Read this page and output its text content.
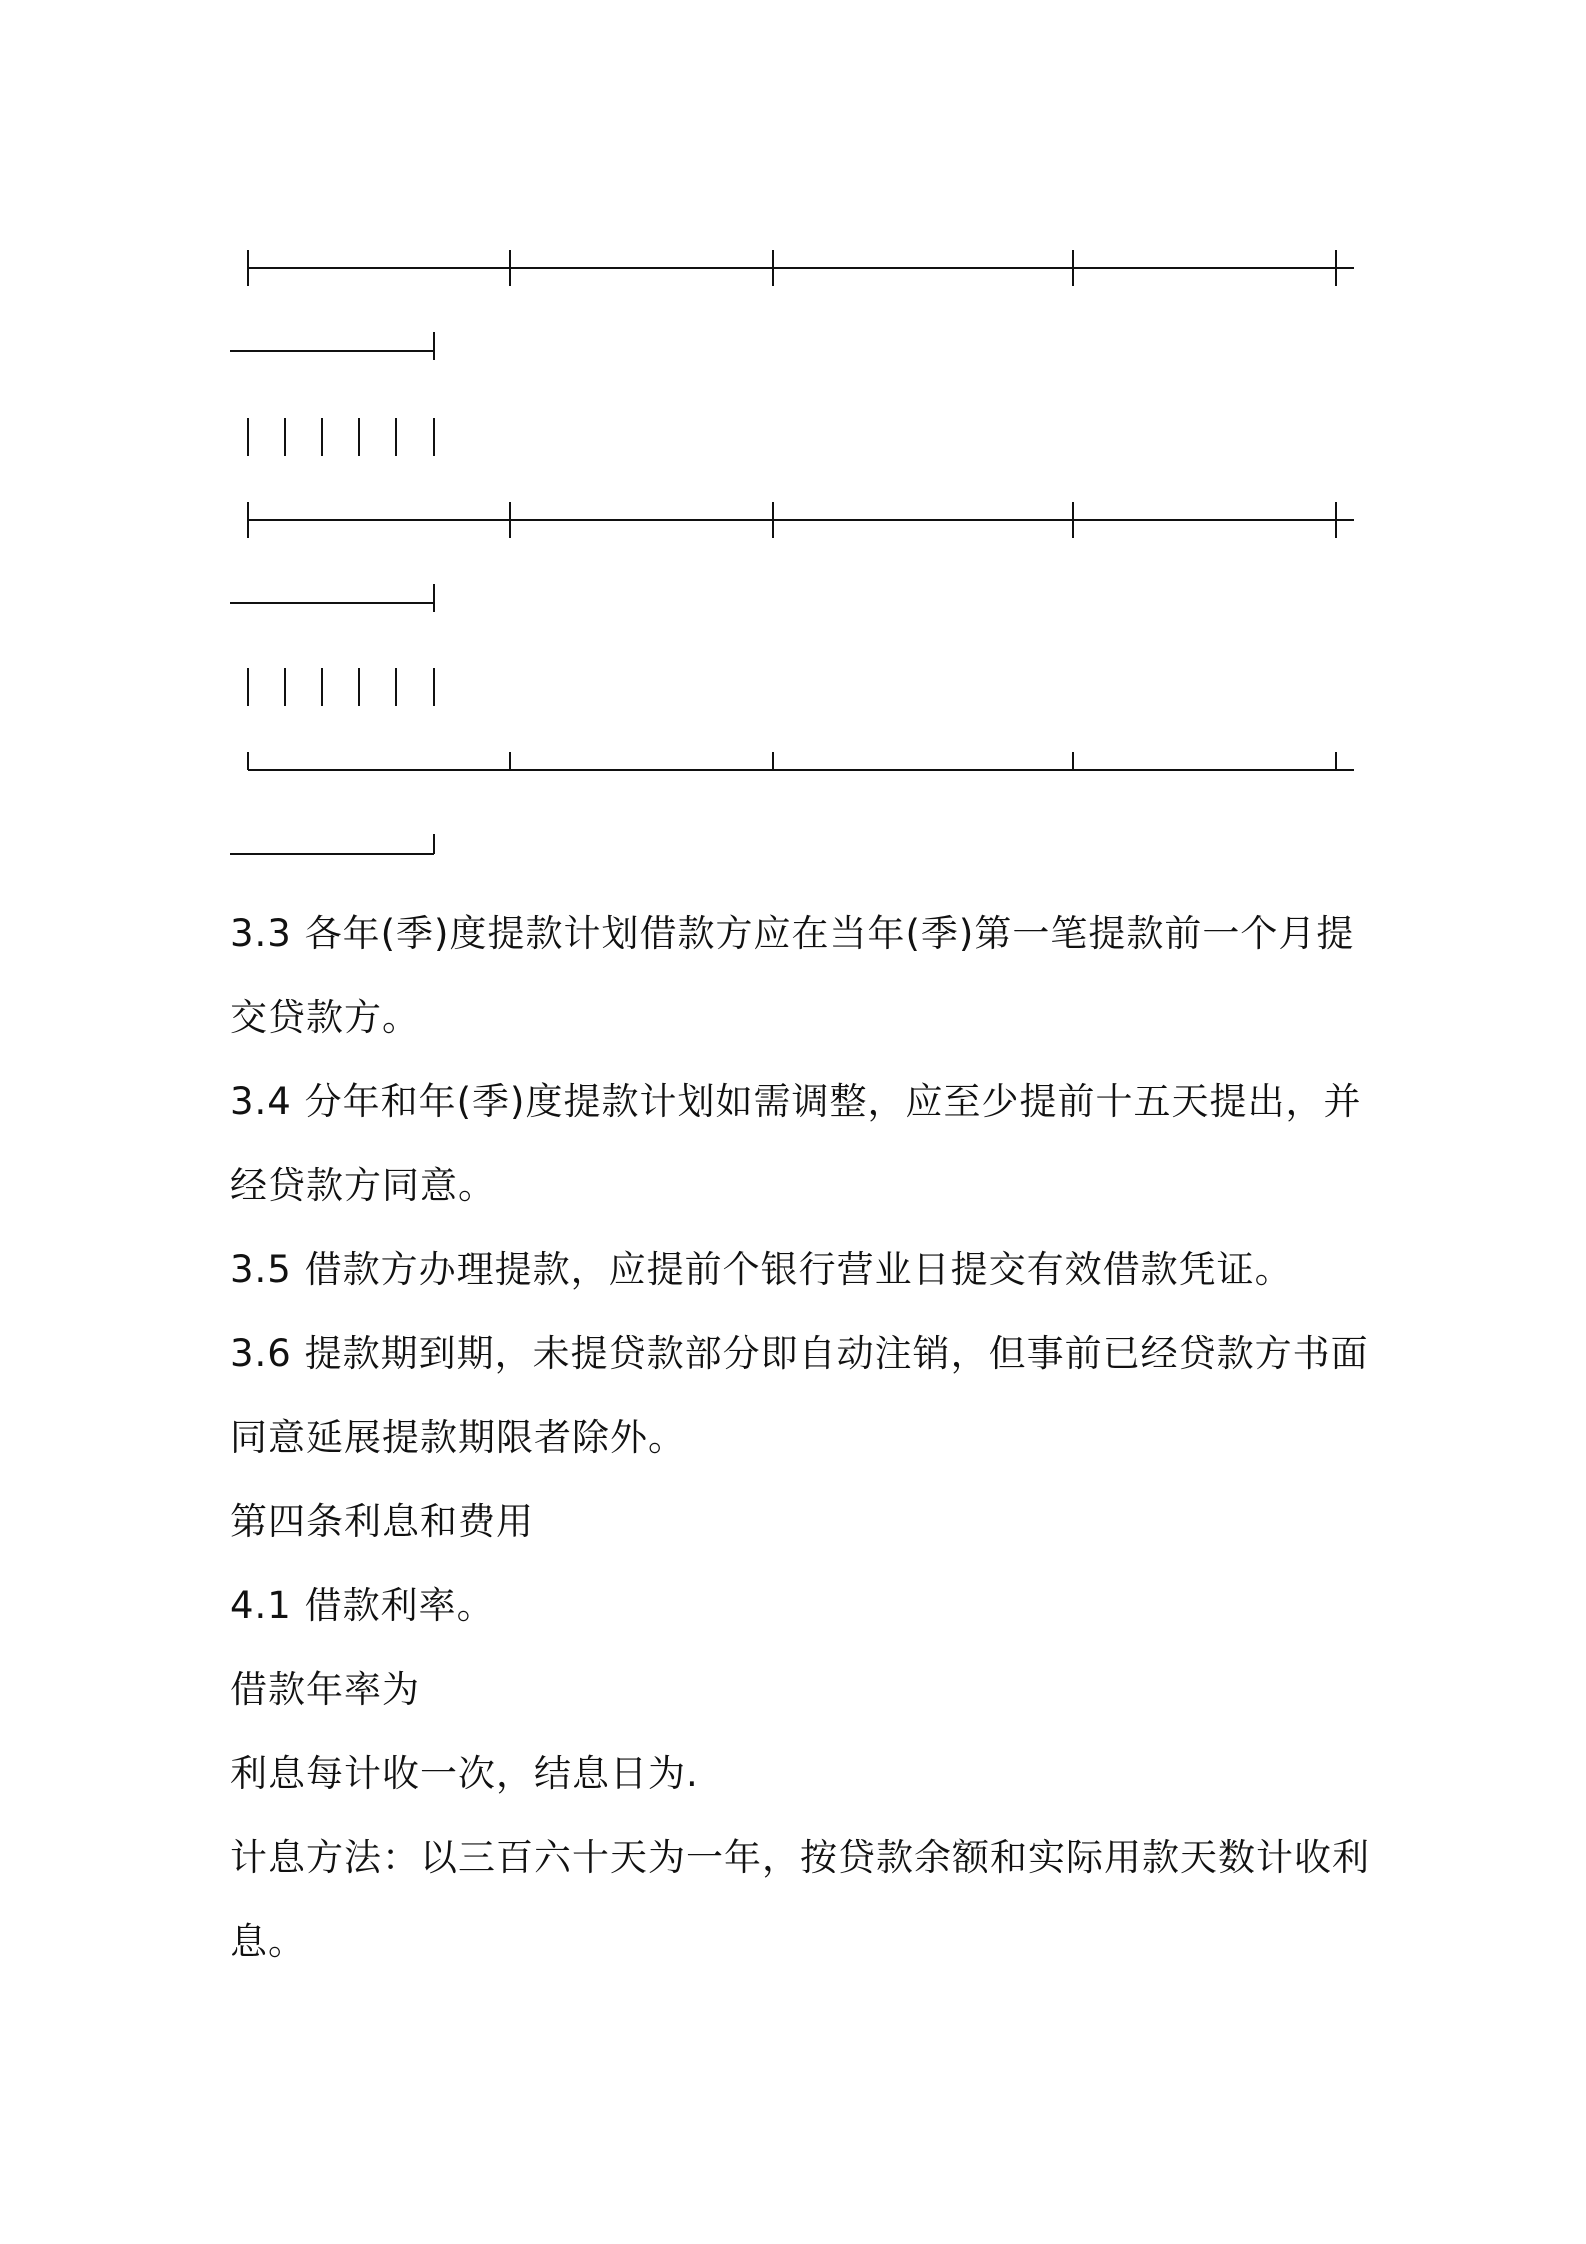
3.3 各年(季)度提款计划借款方应在当年(季)第一笔提款前一个月提交贷款方。

3.4 分年和年(季)度提款计划如需调整，应至少提前十五天提出，并经贷款方同意。

3.5 借款方办理提款，应提前个银行营业日提交有效借款凭证。

3.6 提款期到期，未提贷款部分即自动注销，但事前已经贷款方书面同意延展提款期限者除外。

第四条利息和费用

4.1 借款利率。

借款年率为

利息每计收一次，结息日为.

计息方法：以三百六十天为一年，按贷款余额和实际用款天数计收利息。
